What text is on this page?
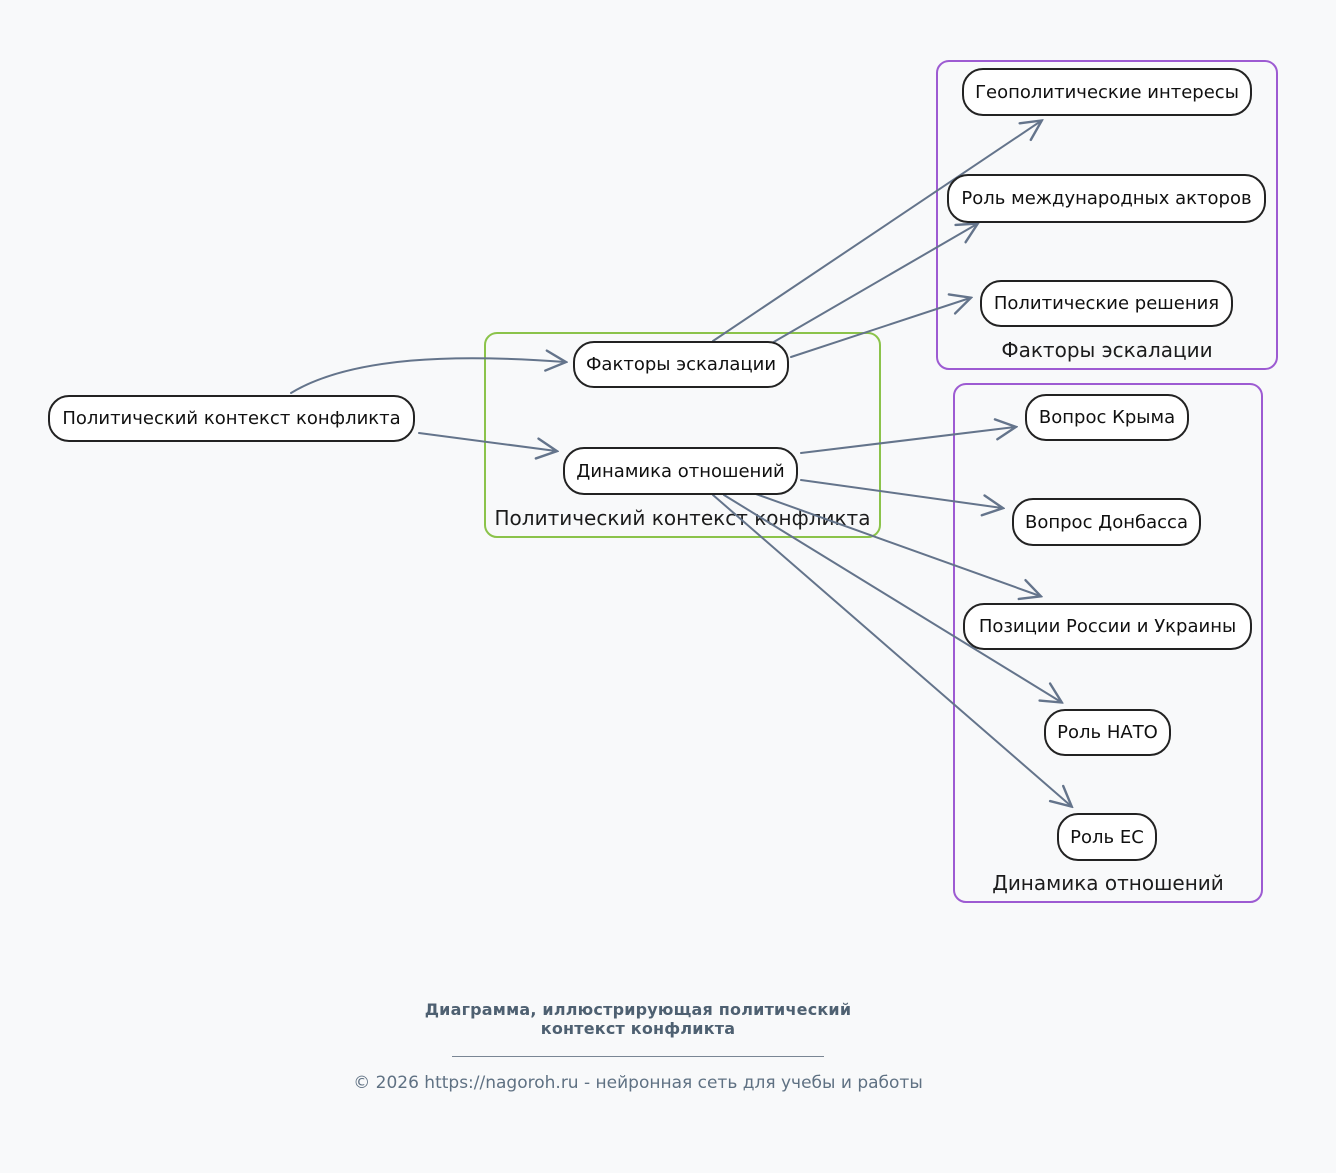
Политический контекст конфликта
Факторы эскалации
Динамика отношений
Политический контекст конфликта
Факторы эскалации
Динамика отношений
Геополитические интересы
Роль международных акторов
Политические решения
Вопрос Крыма
Вопрос Донбасса
Позиции России и Украины
Роль НАТО
Роль ЕС
Диаграмма, иллюстрирующая политический контекст конфликта
© 2026 https://nagoroh.ru - нейронная сеть для учебы и работы
